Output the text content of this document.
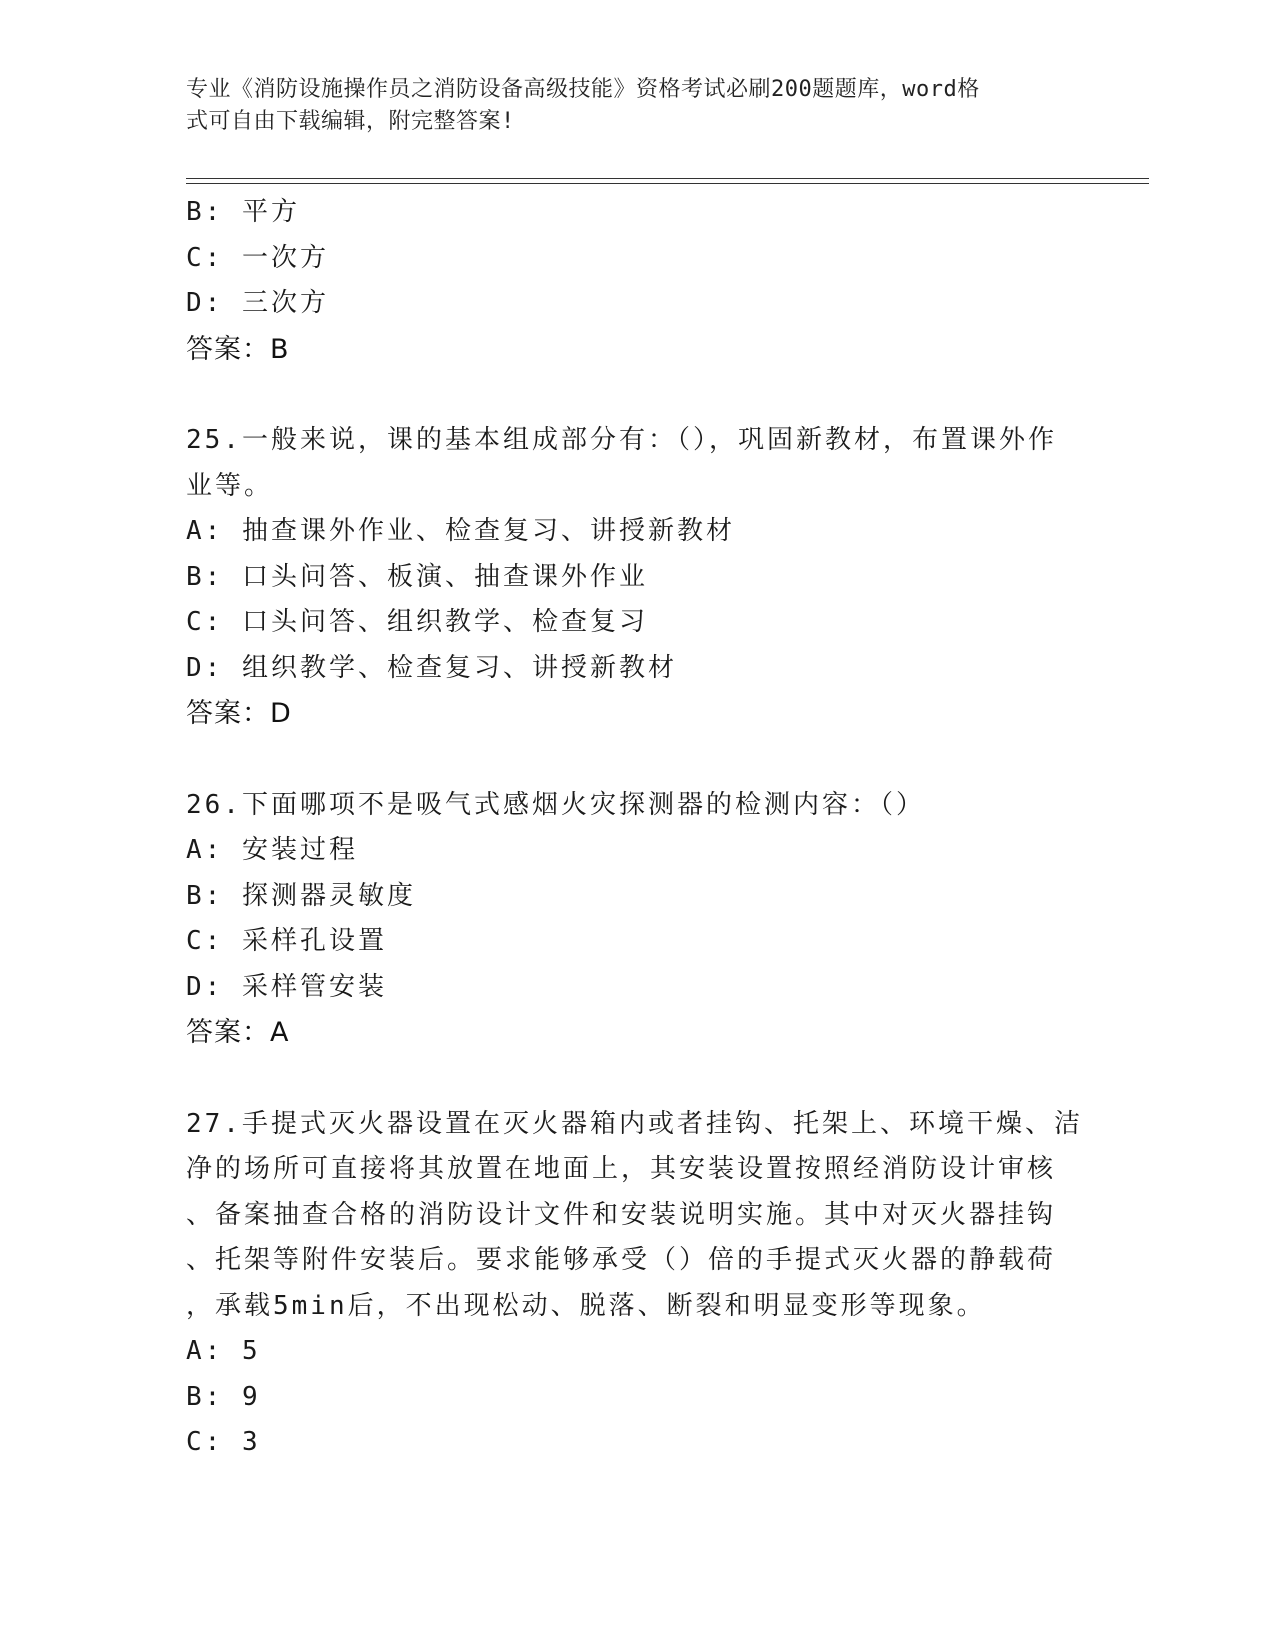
专业《消防设施操作员之消防设备高级技能》资格考试必刷200题题库，word格
式可自由下载编辑，附完整答案!
B: 平方
C: 一次方
D: 三次方
答案：B
25.一般来说，课的基本组成部分有：（），巩固新教材，布置课外作
业等。
A: 抽查课外作业、检查复习、讲授新教材
B: 口头问答、板演、抽查课外作业
C: 口头问答、组织教学、检查复习
D: 组织教学、检查复习、讲授新教材
答案：D
26.下面哪项不是吸气式感烟火灾探测器的检测内容：（）
A: 安装过程
B: 探测器灵敏度
C: 采样孔设置
D: 采样管安装
答案：A
27.手提式灭火器设置在灭火器箱内或者挂钩、托架上、环境干燥、洁
净的场所可直接将其放置在地面上，其安装设置按照经消防设计审核
、备案抽查合格的消防设计文件和安装说明实施。其中对灭火器挂钩
、托架等附件安装后。要求能够承受（）倍的手提式灭火器的静载荷
，承载5min后，不出现松动、脱落、断裂和明显变形等现象。
A: 5
B: 9
C: 3
